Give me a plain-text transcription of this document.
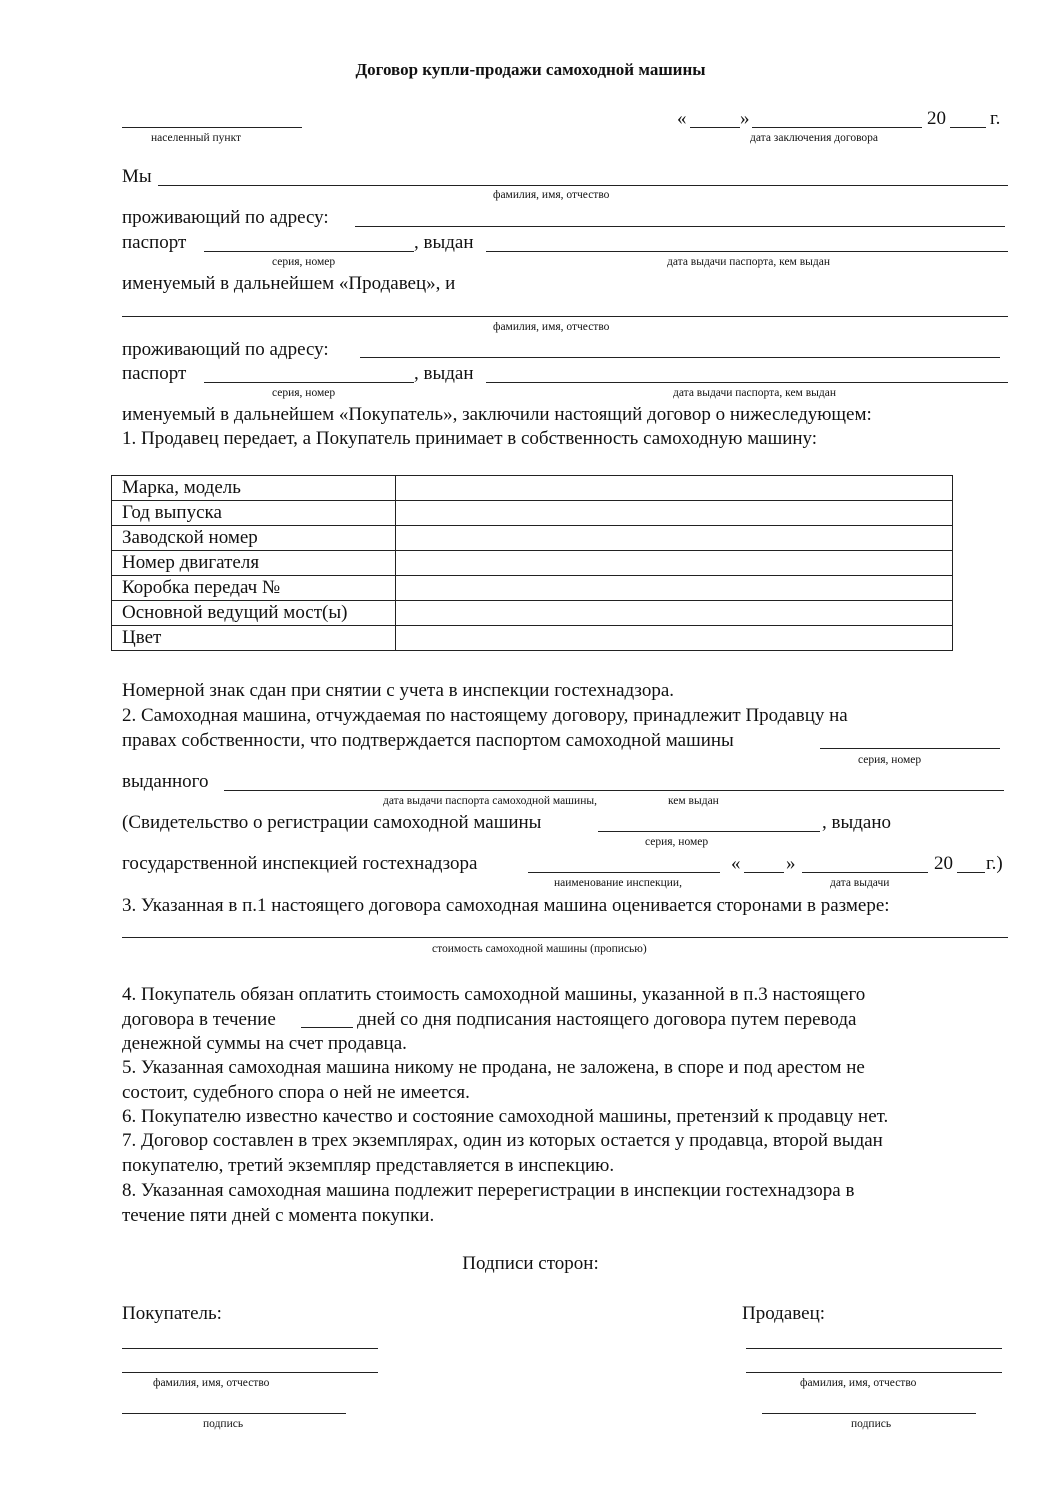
Договор купли-продажи самоходной машины
населенный пункт
«	»	20 г.
дата заключения договора
Мы
фамилия, имя, отчество
проживающий по адресу:
паспорт	, выдан
серия, номер	дата выдачи паспорта, кем выдан
именуемый в дальнейшем «Продавец», и
фамилия, имя, отчество
проживающий по адресу:
паспорт	, выдан
серия, номер	дата выдачи паспорта, кем выдан
именуемый в дальнейшем «Покупатель», заключили настоящий договор о нижеследующем:
1. Продавец передает, а Покупатель принимает в собственность самоходную машину:
Марка, модель	
Год выпуска	
Заводской номер	
Номер двигателя	
Коробка передач №	
Основной ведущий мост(ы)	
Цвет	
Номерной знак сдан при снятии с учета в инспекции гостехнадзора.
2. Самоходная машина, отчуждаемая по настоящему договору, принадлежит Продавцу на
правах собственности, что подтверждается паспортом самоходной машины
серия, номер
выданного
дата выдачи паспорта самоходной машины,	кем выдан
(Свидетельство о регистрации самоходной машины	, выдано
серия, номер
государственной инспекцией гостехнадзора	« »	20 г.)
наименование инспекции,	дата выдачи
3. Указанная в п.1 настоящего договора самоходная машина оценивается сторонами в размере:
стоимость самоходной машины (прописью)
4. Покупатель обязан оплатить стоимость самоходной машины, указанной в п.3 настоящего
договора в течение	дней со дня подписания настоящего договора путем перевода
денежной суммы на счет продавца.
5. Указанная самоходная машина никому не продана, не заложена, в споре и под арестом не
состоит, судебного спора о ней не имеется.
6. Покупателю известно качество и состояние самоходной машины, претензий к продавцу нет.
7. Договор составлен в трех экземплярах, один из которых остается у продавца, второй выдан
покупателю, третий экземпляр представляется в инспекцию.
8. Указанная самоходная машина подлежит перерегистрации в инспекции гостехнадзора в
течение пяти дней с момента покупки.
Подписи сторон:
Покупатель:
фамилия, имя, отчество
подпись
Продавец:
фамилия, имя, отчество
подпись
